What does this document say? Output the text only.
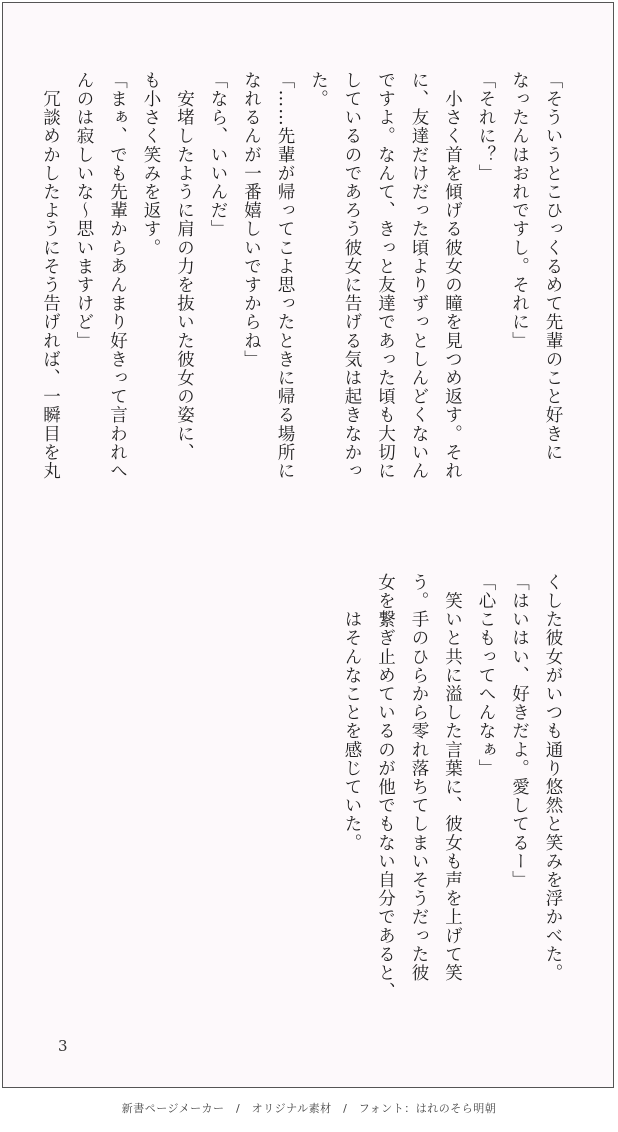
「そういうとこひっくるめて先輩のこと好きに
なったんはおれですし。それに」
「それに？」
　小さく首を傾げる彼女の瞳を見つめ返す。それ
に、友達だけだった頃よりずっとしんどくないん
ですよ。なんて、きっと友達であった頃も大切に
しているのであろう彼女に告げる気は起きなかっ
た。
「……先輩が帰ってこよ思ったときに帰る場所に
なれるんが一番嬉しいですからね」
「なら、いいんだ」
　安堵したように肩の力を抜いた彼女の姿に、
も小さく笑みを返す。
「まぁ、でも先輩からあんまり好きって言われへ
んのは寂しいな～思いますけど」
　冗談めかしたようにそう告げれば、一瞬目を丸
くした彼女がいつも通り悠然と笑みを浮かべた。
「はいはい、好きだよ。愛してるー」
「心こもってへんなぁ」
　笑いと共に溢した言葉に、彼女も声を上げて笑
う。手のひらから零れ落ちてしまいそうだった彼
女を繋ぎ止めているのが他でもない自分であると、
　　はそんなことを感じていた。
3
新書ページメーカー　/　オリジナル素材　/　フォント：はれのそら明朝
